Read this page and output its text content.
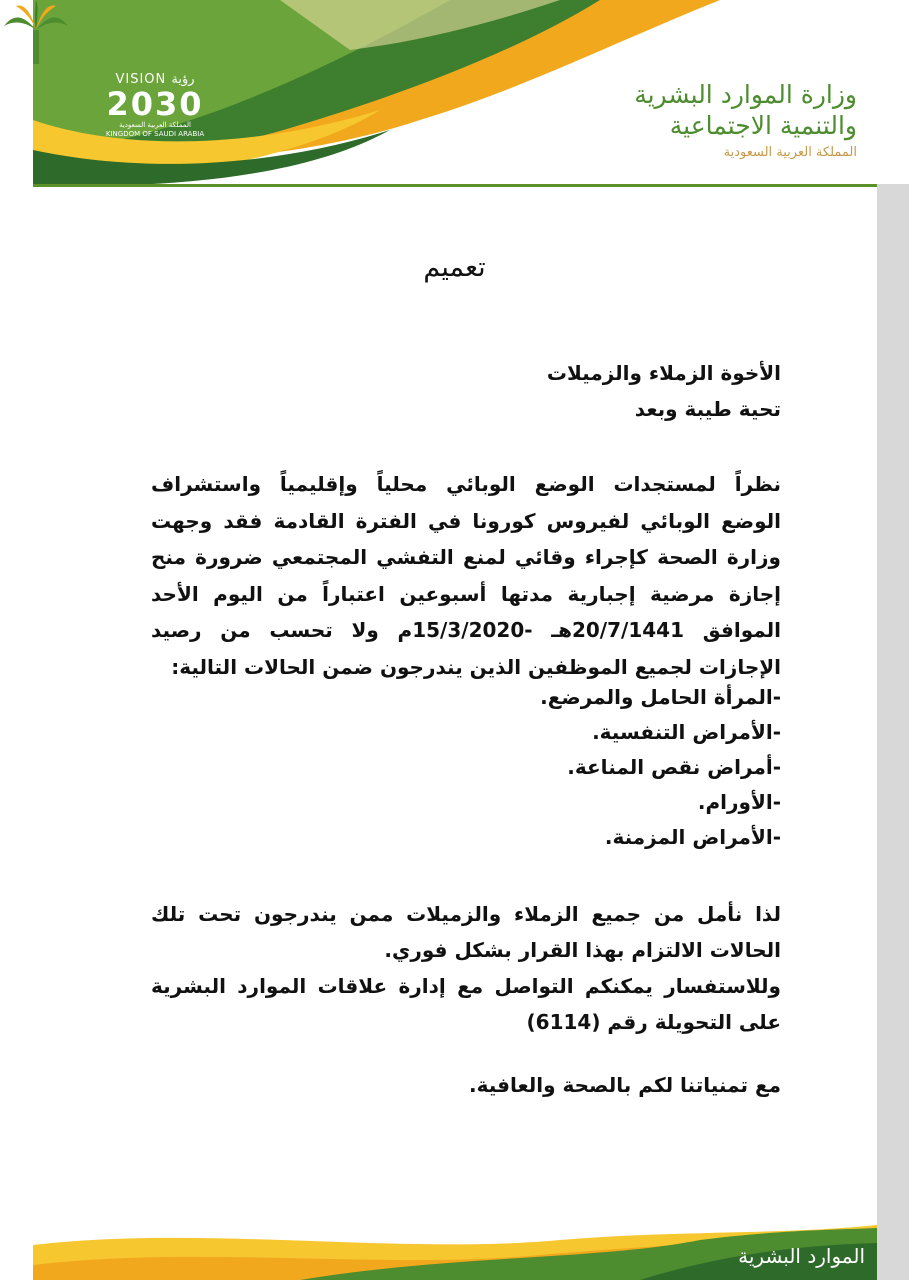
وزارة الموارد البشرية
والتنمية الاجتماعية
المملكة العربية السعودية
VISION رؤية
2030
المملكة العربية السعودية
KINGDOM OF SAUDI ARABIA
تعميم
الأخوة الزملاء والزميلات
تحية طيبة وبعد
نظراً لمستجدات الوضع الوبائي محلياً وإقليمياً واستشراف
الوضع الوبائي لفيروس كورونا في الفترة القادمة فقد وجهت
وزارة الصحة كإجراء وقائي لمنع التفشي المجتمعي ضرورة منح
إجازة مرضية إجبارية مدتها أسبوعين اعتباراً من اليوم الأحد
الموافق 20/7/1441هـ -15/3/2020م ولا تحسب من رصيد
الإجازات لجميع الموظفين الذين يندرجون ضمن الحالات التالية:
-المرأة الحامل والمرضع.
-الأمراض التنفسية.
-أمراض نقص المناعة.
-الأورام.
-الأمراض المزمنة.
لذا نأمل من جميع الزملاء والزميلات ممن يندرجون تحت تلك
الحالات الالتزام بهذا القرار بشكل فوري.
وللاستفسار يمكنكم التواصل مع إدارة علاقات الموارد البشرية
على التحويلة رقم (6114)
مع تمنياتنا لكم بالصحة والعافية.
الموارد البشرية
